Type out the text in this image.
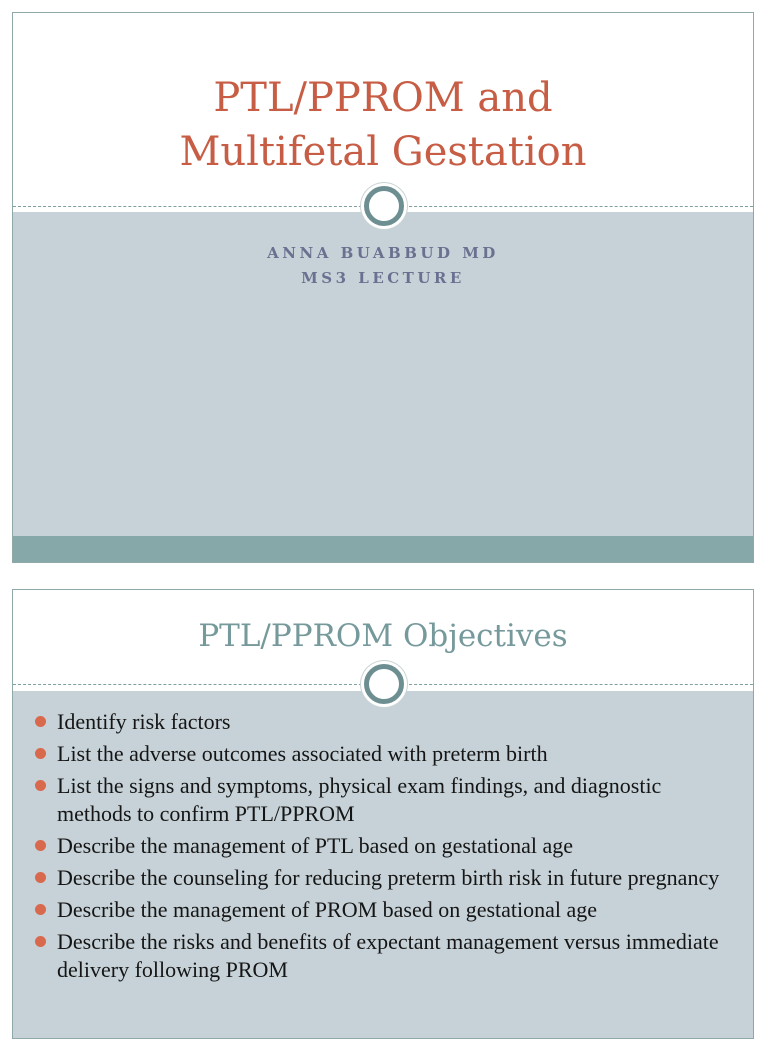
PTL/PPROM and
Multifetal Gestation
ANNA BUABBUD MD
MS3 LECTURE
PTL/PPROM Objectives
Identify risk factors
List the adverse outcomes associated with preterm birth
List the signs and symptoms, physical exam findings, and diagnostic methods to confirm PTL/PPROM
Describe the management of PTL based on gestational age
Describe the counseling for reducing preterm birth risk in future pregnancy
Describe the management of PROM based on gestational age
Describe the risks and benefits of expectant management versus immediate delivery following PROM
